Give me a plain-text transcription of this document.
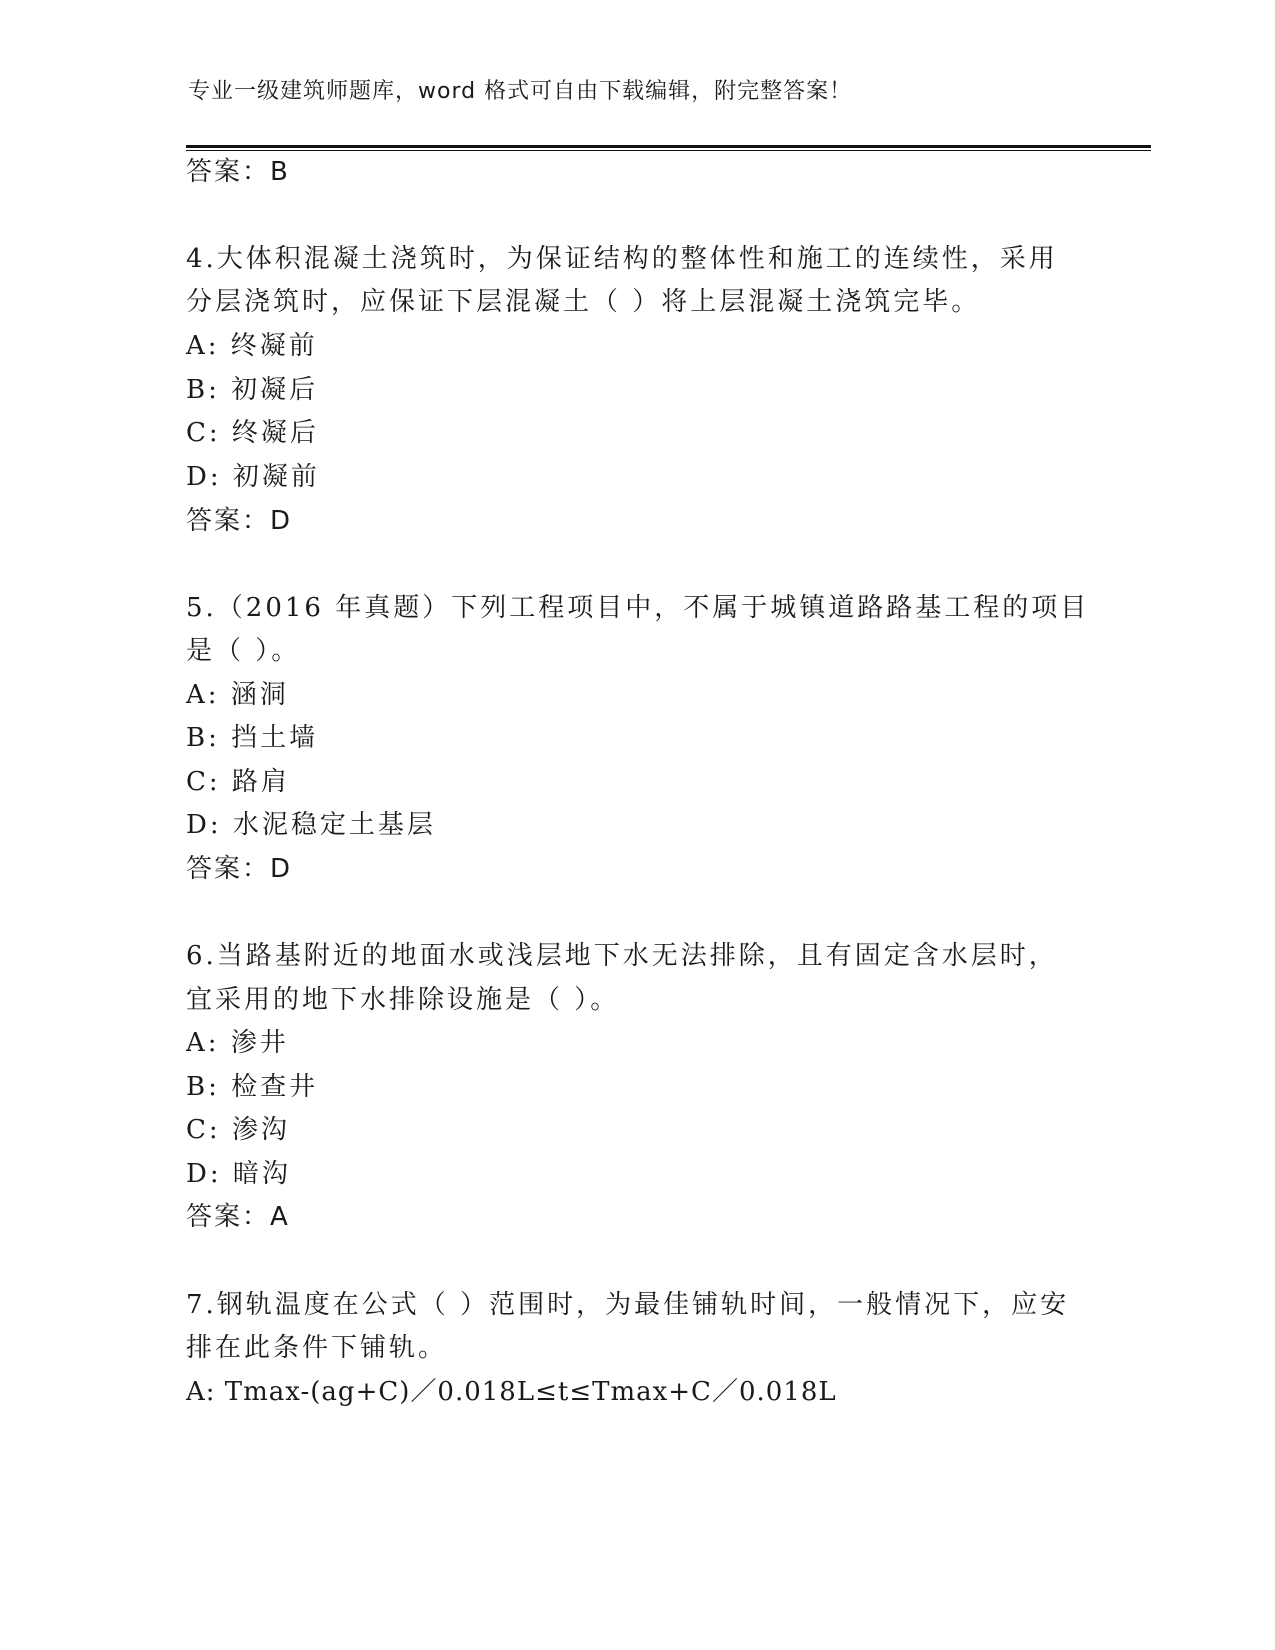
专业一级建筑师题库，word 格式可自由下载编辑，附完整答案！
答案：B
4.大体积混凝土浇筑时，为保证结构的整体性和施工的连续性，采用
分层浇筑时，应保证下层混凝土（ ）将上层混凝土浇筑完毕。
A: 终凝前
B: 初凝后
C: 终凝后
D: 初凝前
答案：D
5.（2016 年真题）下列工程项目中，不属于城镇道路路基工程的项目
是（ ）。
A: 涵洞
B: 挡土墙
C: 路肩
D: 水泥稳定土基层
答案：D
6.当路基附近的地面水或浅层地下水无法排除，且有固定含水层时，
宜采用的地下水排除设施是（ ）。
A: 渗井
B: 检查井
C: 渗沟
D: 暗沟
答案：A
7.钢轨温度在公式（ ）范围时，为最佳铺轨时间，一般情况下，应安
排在此条件下铺轨。
A: Tmax-(ag+C)／0.018L≤t≤Tmax+C／0.018L
